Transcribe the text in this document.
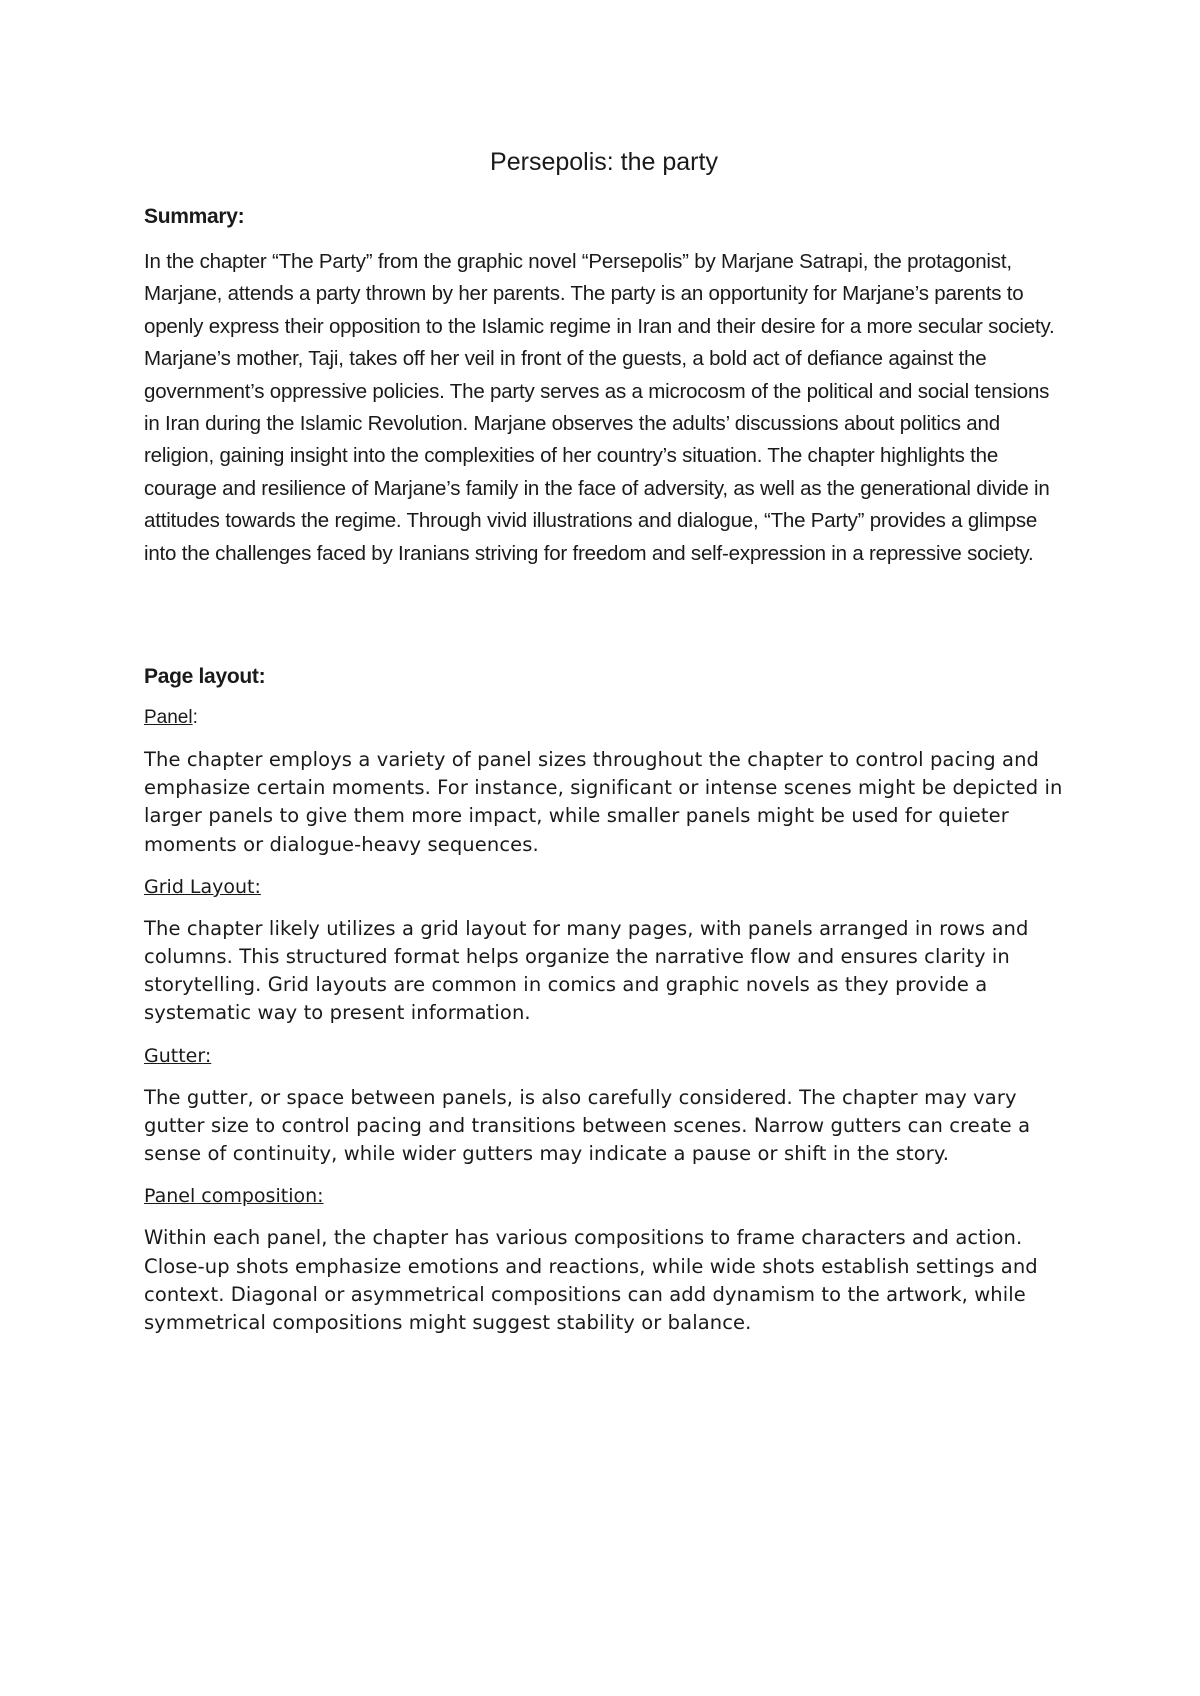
Persepolis: the party
Summary:

In the chapter “The Party” from the graphic novel “Persepolis” by Marjane Satrapi, the protagonist, Marjane, attends a party thrown by her parents. The party is an opportunity for Marjane’s parents to openly express their opposition to the Islamic regime in Iran and their desire for a more secular society. Marjane’s mother, Taji, takes off her veil in front of the guests, a bold act of defiance against the government’s oppressive policies. The party serves as a microcosm of the political and social tensions in Iran during the Islamic Revolution. Marjane observes the adults’ discussions about politics and religion, gaining insight into the complexities of her country’s situation. The chapter highlights the courage and resilience of Marjane’s family in the face of adversity, as well as the generational divide in attitudes towards the regime. Through vivid illustrations and dialogue, “The Party” provides a glimpse into the challenges faced by Iranians striving for freedom and self-expression in a repressive society.

Page layout:
Panel:

The chapter employs a variety of panel sizes throughout the chapter to control pacing and emphasize certain moments. For instance, significant or intense scenes might be depicted in larger panels to give them more impact, while smaller panels might be used for quieter moments or dialogue-heavy sequences.

Grid Layout:

The chapter likely utilizes a grid layout for many pages, with panels arranged in rows and columns. This structured format helps organize the narrative flow and ensures clarity in storytelling. Grid layouts are common in comics and graphic novels as they provide a systematic way to present information.

Gutter:

The gutter, or space between panels, is also carefully considered. The chapter may vary gutter size to control pacing and transitions between scenes. Narrow gutters can create a sense of continuity, while wider gutters may indicate a pause or shift in the story.

Panel composition:

Within each panel, the chapter has various compositions to frame characters and action. Close-up shots emphasize emotions and reactions, while wide shots establish settings and context. Diagonal or asymmetrical compositions can add dynamism to the artwork, while symmetrical compositions might suggest stability or balance.
